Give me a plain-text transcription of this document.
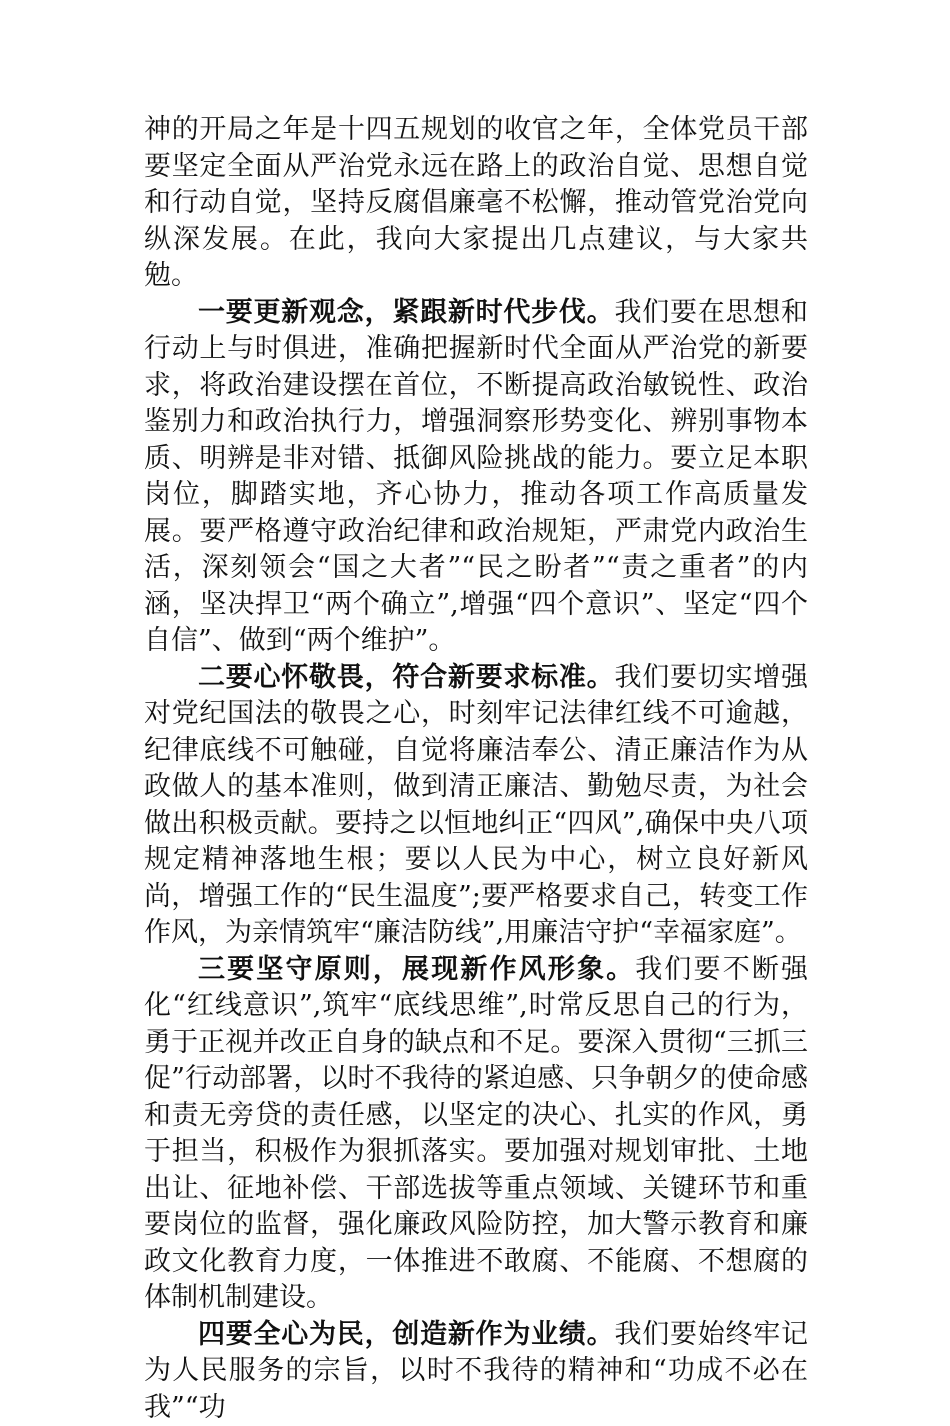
神的开局之年是十四五规划的收官之年，全体党员干部要坚定全面从严治党永远在路上的政治自觉、思想自觉和行动自觉，坚持反腐倡廉毫不松懈，推动管党治党向纵深发展。在此，我向大家提出几点建议，与大家共勉。

一要更新观念，紧跟新时代步伐。我们要在思想和行动上与时俱进，准确把握新时代全面从严治党的新要求，将政治建设摆在首位，不断提高政治敏锐性、政治鉴别力和政治执行力，增强洞察形势变化、辨别事物本质、明辨是非对错、抵御风险挑战的能力。要立足本职岗位，脚踏实地，齐心协力，推动各项工作高质量发展。要严格遵守政治纪律和政治规矩，严肃党内政治生活，深刻领会“国之大者”“民之盼者”“责之重者”的内涵，坚决捍卫“两个确立”,增强“四个意识”、坚定“四个自信”、做到“两个维护”。

二要心怀敬畏，符合新要求标准。我们要切实增强对党纪国法的敬畏之心，时刻牢记法律红线不可逾越，纪律底线不可触碰，自觉将廉洁奉公、清正廉洁作为从政做人的基本准则，做到清正廉洁、勤勉尽责，为社会做出积极贡献。要持之以恒地纠正“四风”,确保中央八项规定精神落地生根；要以人民为中心，树立良好新风尚，增强工作的“民生温度”;要严格要求自己，转变工作作风，为亲情筑牢“廉洁防线”,用廉洁守护“幸福家庭”。

三要坚守原则，展现新作风形象。我们要不断强化“红线意识”,筑牢“底线思维”,时常反思自己的行为，勇于正视并改正自身的缺点和不足。要深入贯彻“三抓三促”行动部署，以时不我待的紧迫感、只争朝夕的使命感和责无旁贷的责任感，以坚定的决心、扎实的作风，勇于担当，积极作为狠抓落实。要加强对规划审批、土地出让、征地补偿、干部选拔等重点领域、关键环节和重要岗位的监督，强化廉政风险防控，加大警示教育和廉政文化教育力度，一体推进不敢腐、不能腐、不想腐的体制机制建设。

四要全心为民，创造新作为业绩。我们要始终牢记为人民服务的宗旨，以时不我待的精神和“功成不必在我”“功
